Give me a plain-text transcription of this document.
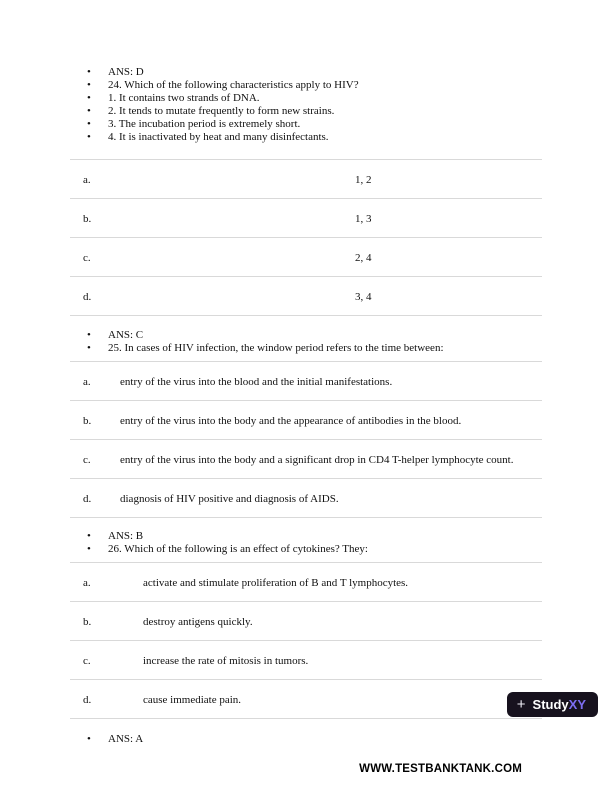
• ANS: D
• 24. Which of the following characteristics apply to HIV?
• 1. It contains two strands of DNA.
• 2. It tends to mutate frequently to form new strains.
• 3. The incubation period is extremely short.
• 4. It is inactivated by heat and many disinfectants.
a.	1, 2
b.	1, 3
c.	2, 4
d.	3, 4
• ANS: C
• 25. In cases of HIV infection, the window period refers to the time between:
a.	entry of the virus into the blood and the initial manifestations.
b.	entry of the virus into the body and the appearance of antibodies in the blood.
c.	entry of the virus into the body and a significant drop in CD4 T-helper lymphocyte count.
d.	diagnosis of HIV positive and diagnosis of AIDS.
• ANS: B
• 26. Which of the following is an effect of cytokines? They:
a.	activate and stimulate proliferation of B and T lymphocytes.
b.	destroy antigens quickly.
c.	increase the rate of mitosis in tumors.
d.	cause immediate pain.
• ANS: A
+ StudyXY
WWW.TESTBANKTANK.COM
